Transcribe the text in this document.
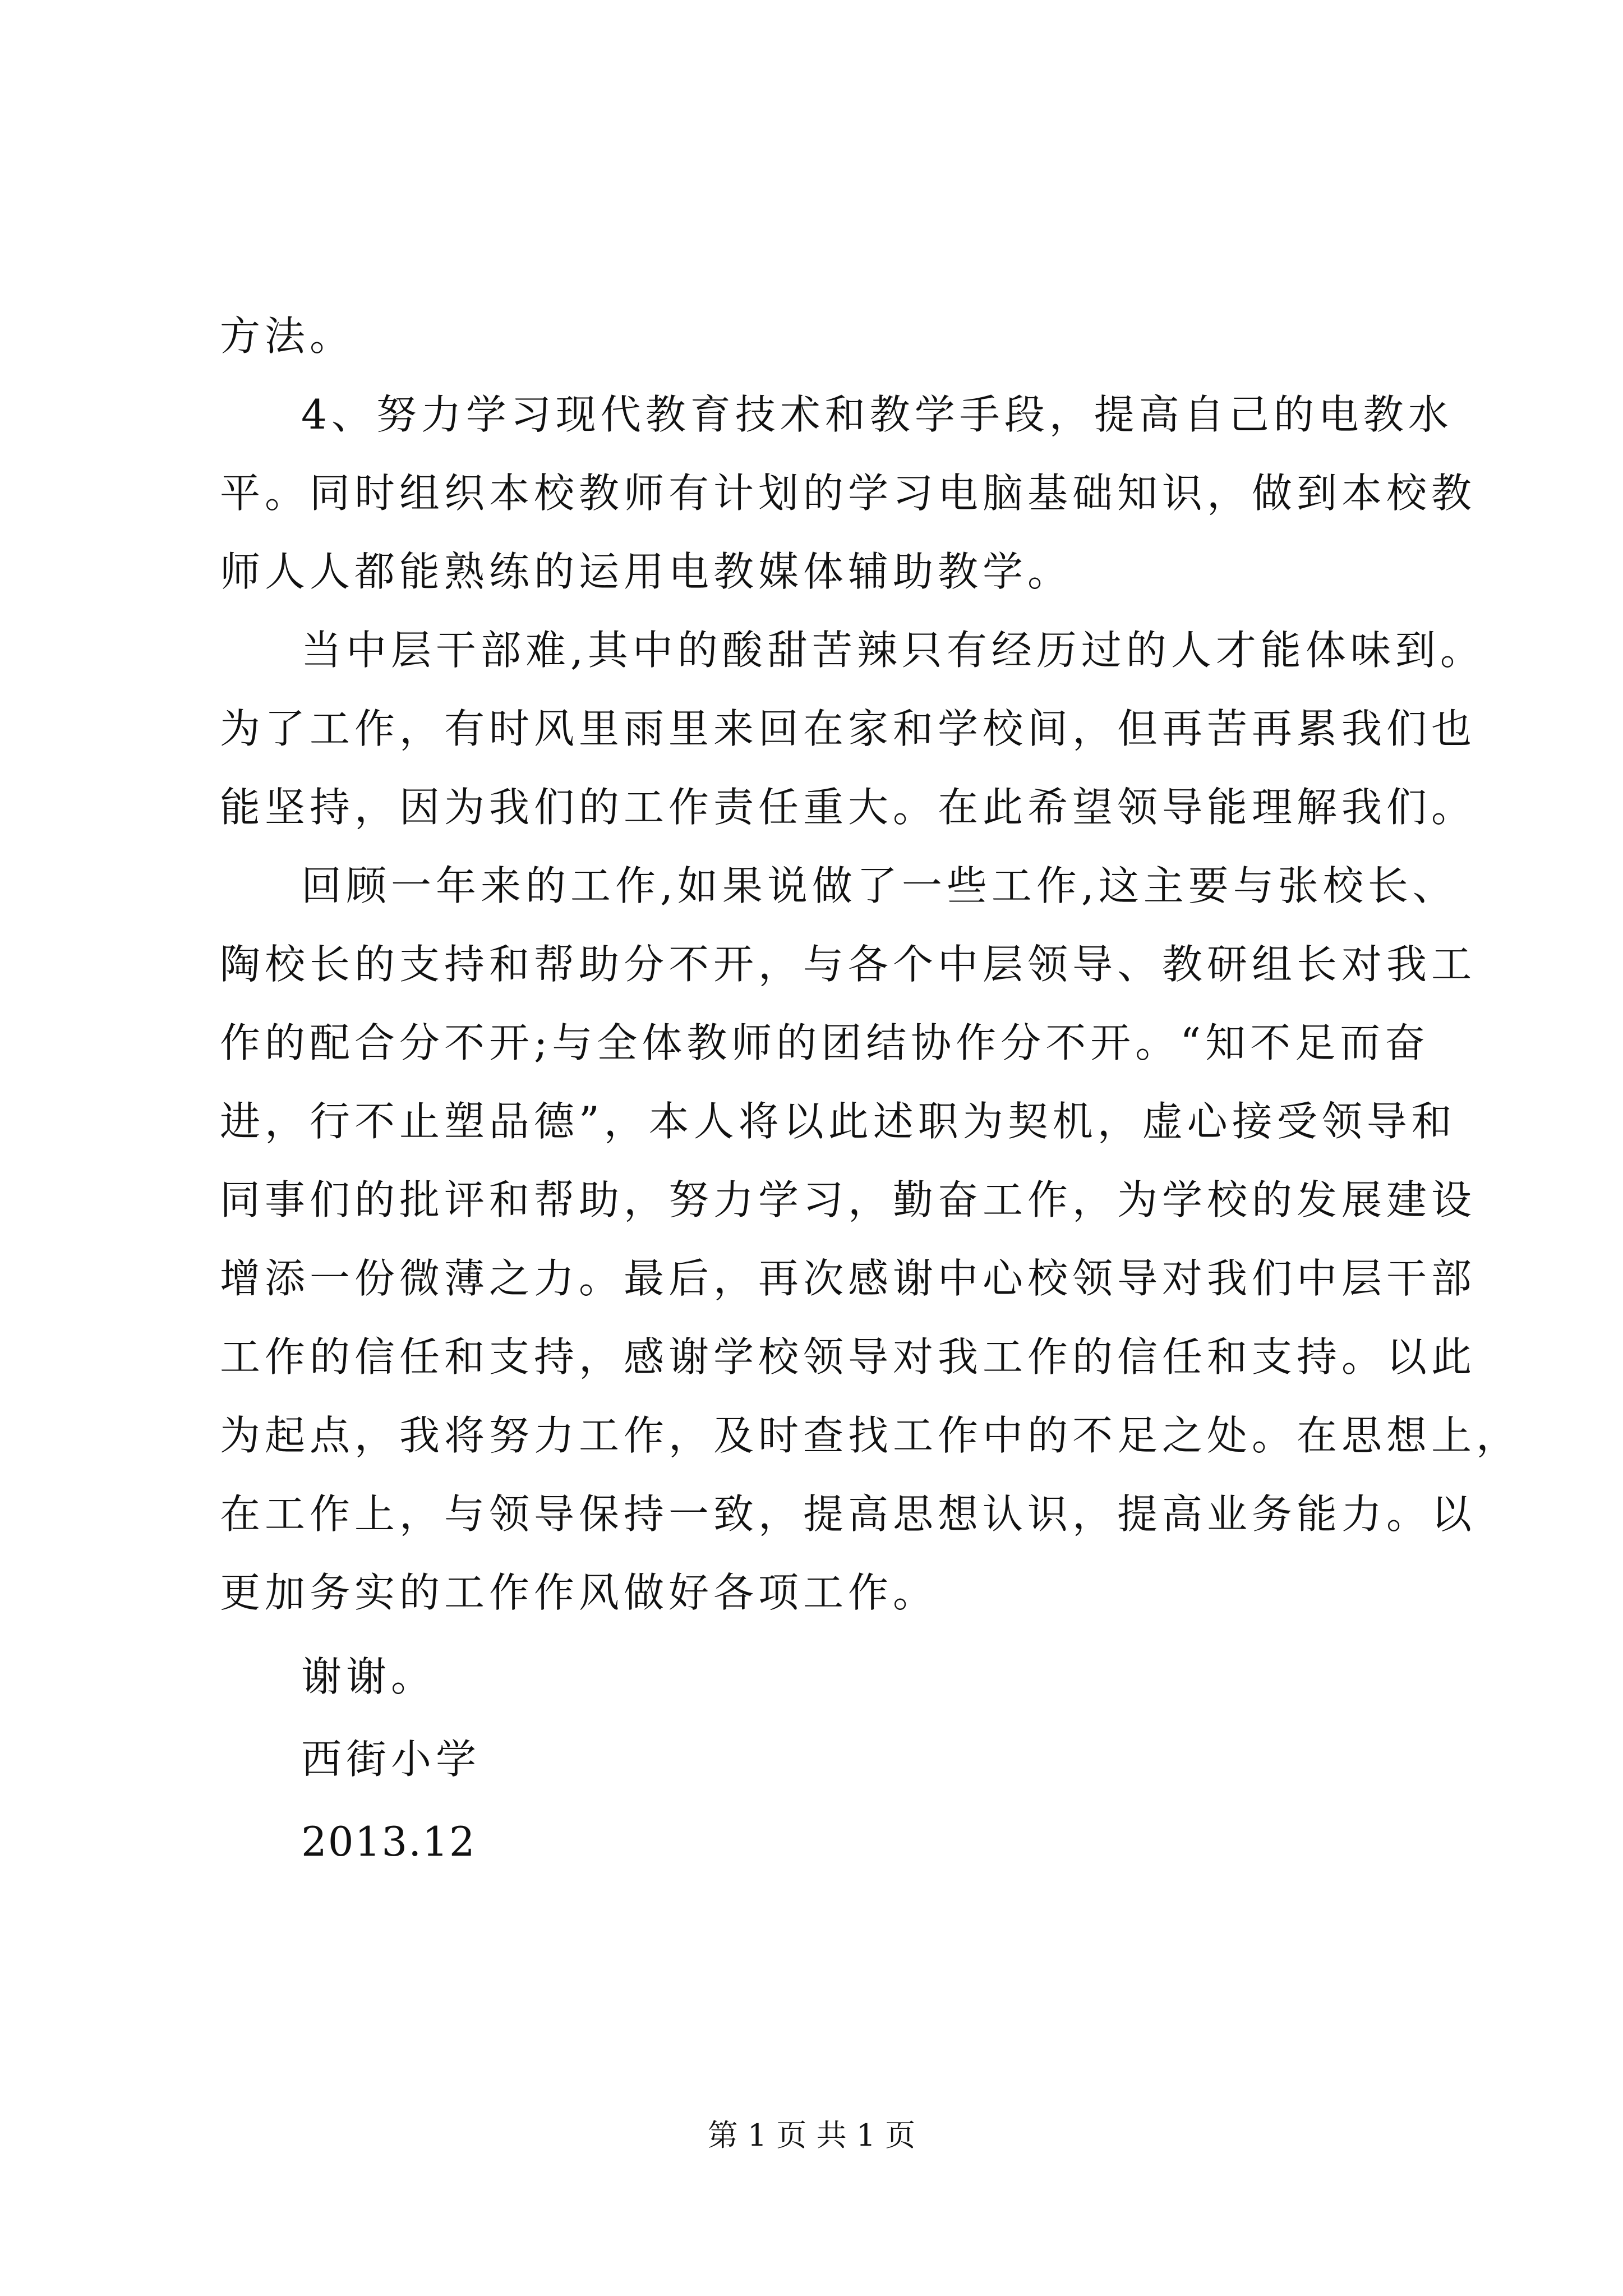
方法。
4、努力学习现代教育技术和教学手段，提高自己的电教水
平。同时组织本校教师有计划的学习电脑基础知识，做到本校教
师人人都能熟练的运用电教媒体辅助教学。
当中层干部难,其中的酸甜苦辣只有经历过的人才能体味到。
为了工作，有时风里雨里来回在家和学校间，但再苦再累我们也
能坚持，因为我们的工作责任重大。在此希望领导能理解我们。
回顾一年来的工作,如果说做了一些工作,这主要与张校长、
陶校长的支持和帮助分不开，与各个中层领导、教研组长对我工
作的配合分不开;与全体教师的团结协作分不开。“知不足而奋
进，行不止塑品德”，本人将以此述职为契机，虚心接受领导和
同事们的批评和帮助，努力学习，勤奋工作，为学校的发展建设
增添一份微薄之力。最后，再次感谢中心校领导对我们中层干部
工作的信任和支持，感谢学校领导对我工作的信任和支持。以此
为起点，我将努力工作，及时查找工作中的不足之处。在思想上，
在工作上，与领导保持一致，提高思想认识，提高业务能力。以
更加务实的工作作风做好各项工作。
谢谢。
西街小学
2013.12
第 1 页 共 1 页
